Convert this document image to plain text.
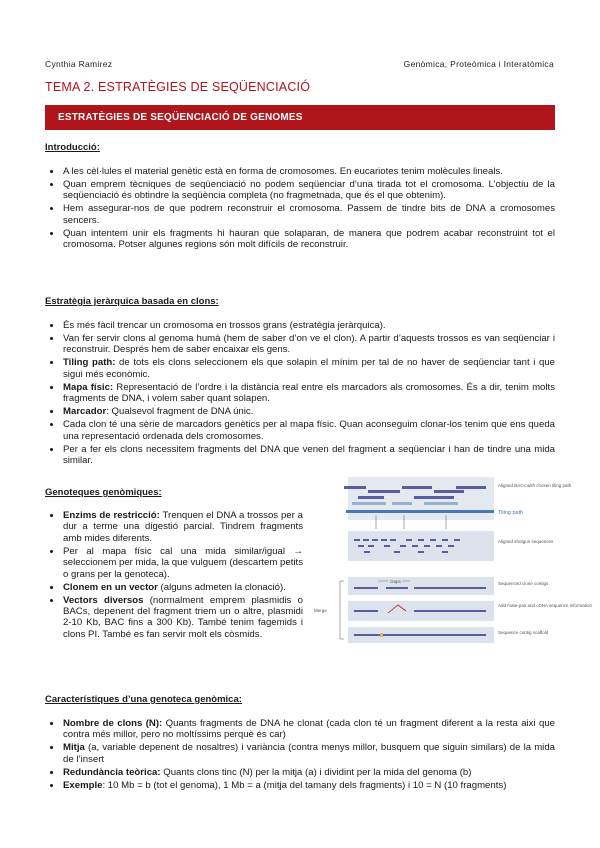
Cynthia Ramirez	Genòmica, Proteòmica i Interatòmica
TEMA 2. ESTRATÈGIES DE SEQÜENCIACIÓ
ESTRATÈGIES DE SEQÜENCIACIÓ DE GENOMES
Introducció:
• A les cèl·lules el material genètic està en forma de cromosomes. En eucariotes tenim molècules lineals.
• Quan emprem tècniques de seqüenciació no podem seqüenciar d’una tirada tot el cromosoma. L’objectiu de la seqüenciació és obtindre la seqüència completa (no fragmetnada, que és el que obtenim).
• Hem assegurar-nos de que podrem reconstruir el cromosoma. Passem de tindre bits de DNA a cromosomes sencers.
• Quan intentem unir els fragments hi hauran que solaparan, de manera que podrem acabar reconstruint tot el cromosoma. Potser algunes regions són molt difícils de reconstruir.
Estratègia jeràrquica basada en clons:
• És més fàcil trencar un cromosoma en trossos grans (estratègia jeràrquica).
• Van fer servir clons al genoma humà (hem de saber d’on ve el clon). A partir d’aquests trossos es van seqüenciar i reconstruir. Després hem de saber encaixar els gens.
• Tiling path: de tots els clons seleccionem els que solapin el mínim per tal de no haver de seqüenciar tant i que sigui més econòmic.
• Mapa físic: Representació de l’ordre i la distància real entre els marcadors als cromosomes. És a dir, tenim molts fragments de DNA, i volem saber quant solapen.
• Marcador: Qualsevol fragment de DNA únic.
• Cada clon té una sèrie de marcadors genètics per al mapa físic. Quan aconseguim clonar-los tenim que ens queda una representació ordenada dels cromosomes.
• Per a fer els clons necessitem fragments del DNA que venen del fragment a seqüenciar i han de tindre una mida similar.
Genoteques genòmiques:
• Enzims de restricció: Trenquen el DNA a trossos per a dur a terme una digestió parcial. Tindrem fragments amb mides diferents.
• Per al mapa físic cal una mida similar/igual → seleccionem per mida, la que vulguem (descartem petits o grans per la genoteca).
• Clonem en un vector (alguns admeten la clonació).
• Vectors diversos (normalment emprem plasmidis o BACs, depenent del fragment triem un o altre, plasmidi 2-10 Kb, BAC fins a 300 Kb). També tenim fagemids i clons PI. També es fan servir molt els còsmids.
Aligned BACs with chosen tiling path
Tiling path
Aligned shotgun sequences
Gaps	Sequenced clone contigs
Add mate-pair and cDNA sequence information
Sequence contig scaffold
Merge
Característiques d’una genoteca genòmica:
• Nombre de clons (N): Quants fragments de DNA he clonat (cada clon té un fragment diferent a la resta aixi que contra més millor, pero no moltíssims perquè és car)
• Mitja (a, variable depenent de nosaltres) i variància (contra menys millor, busquem que siguin similars) de la mida de l’insert
• Redundància teòrica: Quants clons tinc (N) per la mitja (a) i dividint per la mida del genoma (b)
• Exemple: 10 Mb = b (tot el genoma), 1 Mb = a (mitja del tamany dels fragments) i 10 = N (10 fragments)
